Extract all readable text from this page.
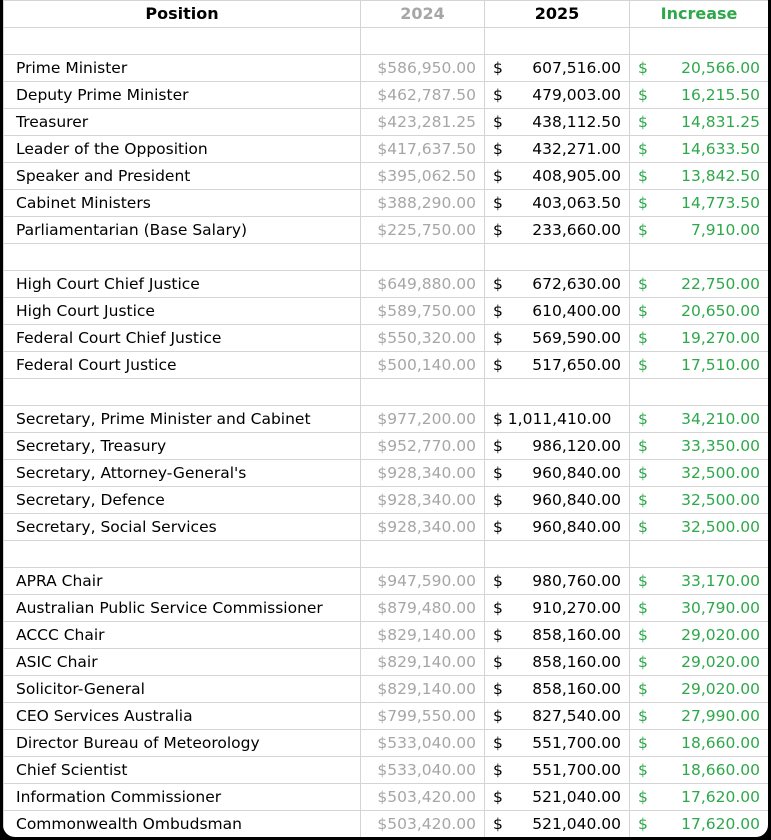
Position	2024	2025	Increase

Prime Minister	$586,950.00	$ 607,516.00	$ 20,566.00

Deputy Prime Minister	$462,787.50	$ 479,003.00	$ 16,215.50

Treasurer	$423,281.25	$ 438,112.50	$ 14,831.25

Leader of the Opposition	$417,637.50	$ 432,271.00	$ 14,633.50

Speaker and President	$395,062.50	$ 408,905.00	$ 13,842.50

Cabinet Ministers	$388,290.00	$ 403,063.50	$ 14,773.50

Parliamentarian (Base Salary)	$225,750.00	$ 233,660.00	$ 7,910.00

High Court Chief Justice	$649,880.00	$ 672,630.00	$ 22,750.00

High Court Justice	$589,750.00	$ 610,400.00	$ 20,650.00

Federal Court Chief Justice	$550,320.00	$ 569,590.00	$ 19,270.00

Federal Court Justice	$500,140.00	$ 517,650.00	$ 17,510.00

Secretary, Prime Minister and Cabinet	$977,200.00	$ 1,011,410.00	$ 34,210.00

Secretary, Treasury	$952,770.00	$ 986,120.00	$ 33,350.00

Secretary, Attorney-General's	$928,340.00	$ 960,840.00	$ 32,500.00

Secretary, Defence	$928,340.00	$ 960,840.00	$ 32,500.00

Secretary, Social Services	$928,340.00	$ 960,840.00	$ 32,500.00

APRA Chair	$947,590.00	$ 980,760.00	$ 33,170.00

Australian Public Service Commissioner	$879,480.00	$ 910,270.00	$ 30,790.00

ACCC Chair	$829,140.00	$ 858,160.00	$ 29,020.00

ASIC Chair	$829,140.00	$ 858,160.00	$ 29,020.00

Solicitor-General	$829,140.00	$ 858,160.00	$ 29,020.00

CEO Services Australia	$799,550.00	$ 827,540.00	$ 27,990.00

Director Bureau of Meteorology	$533,040.00	$ 551,700.00	$ 18,660.00

Chief Scientist	$533,040.00	$ 551,700.00	$ 18,660.00

Information Commissioner	$503,420.00	$ 521,040.00	$ 17,620.00

Commonwealth Ombudsman	$503,420.00	$ 521,040.00	$ 17,620.00
